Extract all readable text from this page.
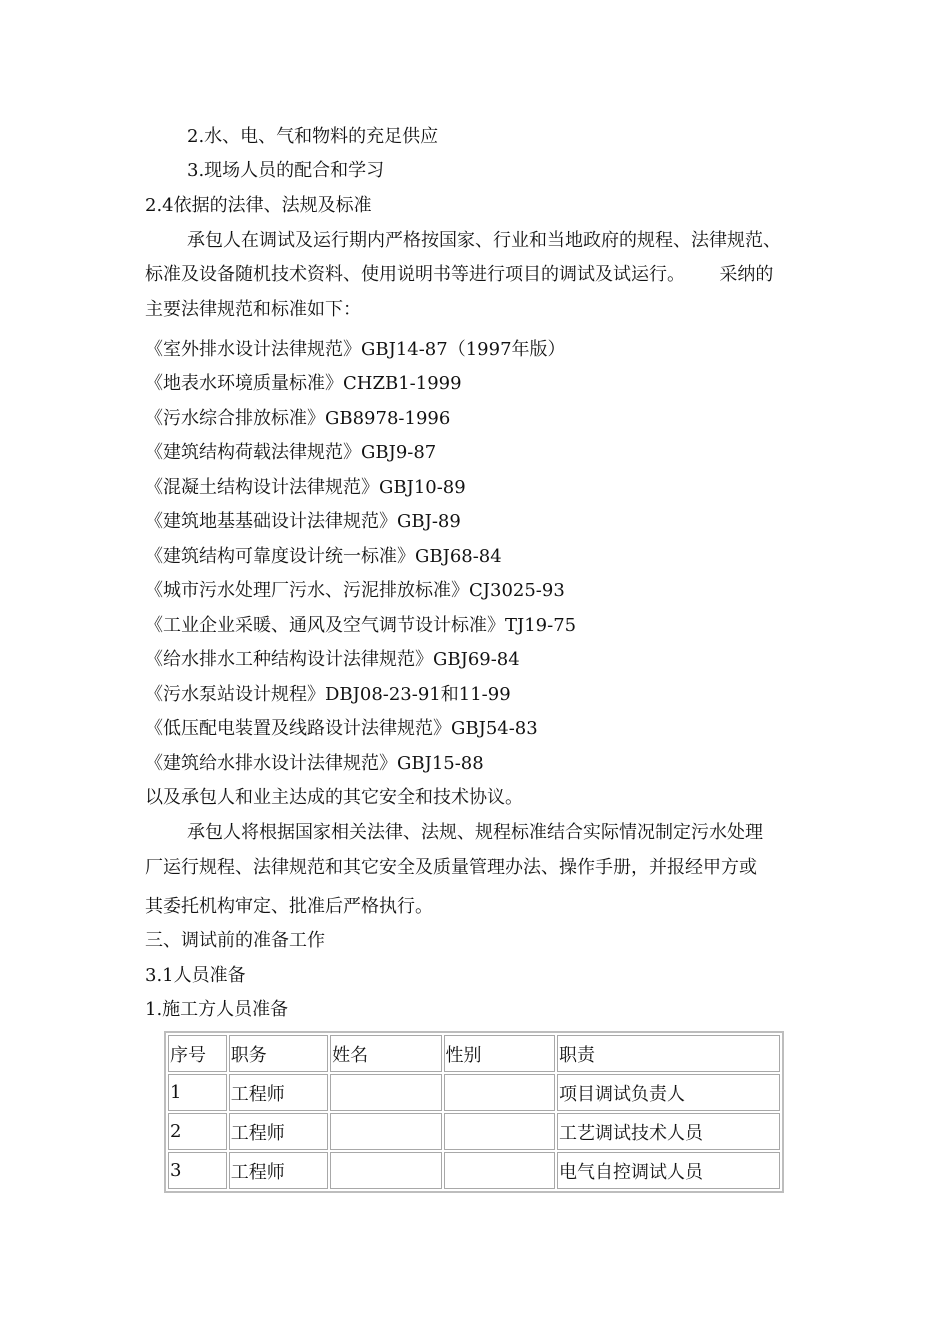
2.水、电、气和物料的充足供应
3.现场人员的配合和学习
2.4依据的法律、法规及标准
承包人在调试及运行期内严格按国家、行业和当地政府的规程、法律规范、
标准及设备随机技术资料、使用说明书等进行项目的调试及试运行。      采纳的
主要法律规范和标准如下：
《室外排水设计法律规范》GBJ14-87（1997年版）
《地表水环境质量标准》CHZB1-1999
《污水综合排放标准》GB8978-1996
《建筑结构荷载法律规范》GBJ9-87
《混凝土结构设计法律规范》GBJ10-89
《建筑地基基础设计法律规范》GBJ-89
《建筑结构可靠度设计统一标准》GBJ68-84
《城市污水处理厂污水、污泥排放标准》CJ3025-93
《工业企业采暖、通风及空气调节设计标准》TJ19-75
《给水排水工种结构设计法律规范》GBJ69-84
《污水泵站设计规程》DBJ08-23-91和11-99
《低压配电装置及线路设计法律规范》GBJ54-83
《建筑给水排水设计法律规范》GBJ15-88
以及承包人和业主达成的其它安全和技术协议。
承包人将根据国家相关法律、法规、规程标准结合实际情况制定污水处理
厂运行规程、法律规范和其它安全及质量管理办法、操作手册，并报经甲方或
其委托机构审定、批准后严格执行。
三、调试前的准备工作
3.1人员准备
1.施工方人员准备
序号	职务	姓名	性别	职责
1	工程师			项目调试负责人
2	工程师			工艺调试技术人员
3	工程师			电气自控调试人员
